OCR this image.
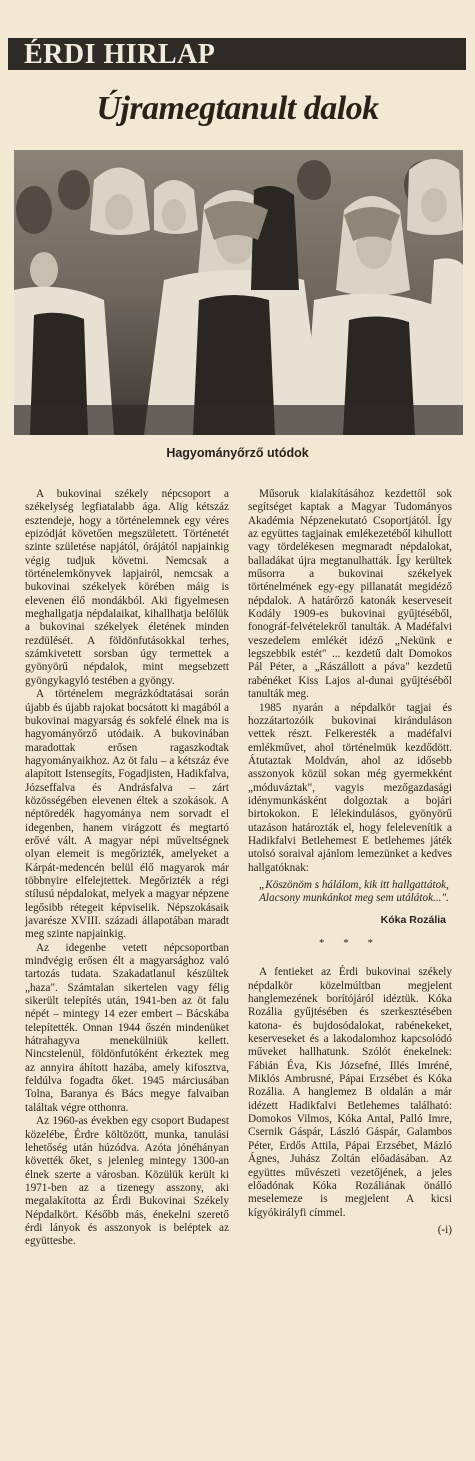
ÉRDI HIRLAP
Újramegtanult dalok
Hagyományőrző utódok

A bukovinai székely népcsoport a székelység legfiatalabb ága. Alig kétszáz esztendeje, hogy a történelemnek egy véres epizódját követően megszületett. Történetét szinte születése napjától, órájától napjainkig végig tudjuk követni. Nemcsak a történelemkönyvek lapjairól, nemcsak a bukovinai székelyek körében máig is elevenen élő mondákból. Aki figyelmesen meghallgatja népdalaikat, kihallhatja belőlük a bukovinai székelyek életének minden rezdülését. A földönfutásokkal terhes, számkivetett sorsban úgy termettek a gyönyörű népdalok, mint megsebzett gyöngykagyló testében a gyöngy.

A történelem megrázkódtatásai során újabb és újabb rajokat bocsátott ki magából a bukovinai magyarság és sokfelé élnek ma is hagyományőrző utódaik. A bukovinában maradottak erősen ragaszkodtak hagyományaikhoz. Az öt falu – a kétszáz éve alapított Istensegíts, Fogadjisten, Hadikfalva, Józseffalva és Andrásfalva – zárt közösségében elevenen éltek a szokások. A néptöredék hagyománya nem sorvadt el idegenben, hanem virágzott és megtartó erővé vált. A magyar népi műveltségnek olyan elemeit is megőrizték, amelyeket a Kárpát-medencén belül élő magyarok már többnyire elfelejtettek. Megőrizték a régi stílusú népdalokat, melyek a magyar népzene legősibb rétegeit képviselik. Népszokásaik javarésze XVIII. századi állapotában maradt meg szinte napjainkig.

Az idegenbe vetett népcsoportban mindvégig erősen élt a magyarsághoz való tartozás tudata. Szakadatlanul készültek „haza". Számtalan sikertelen vagy félig sikerült telepítés után, 1941-ben az öt falu népét – mintegy 14 ezer embert – Bácskába telepítették. Onnan 1944 őszén mindenüket hátrahagyva menekülniük kellett. Nincstelenül, földönfutóként érkeztek meg az annyira áhított hazába, amely kifosztva, feldúlva fogadta őket. 1945 márciusában Tolna, Baranya és Bács megye falvaiban találtak végre otthonra.

Az 1960-as években egy csoport Budapest közelébe, Érdre költözött, munka, tanulási lehetőség után húzódva. Azóta jónéhányan követték őket, s jelenleg mintegy 1300-an élnek szerte a városban. Közülük került ki 1971-ben az a tizenegy asszony, aki megalakította az Érdi Bukovinai Székely Népdalkört. Később más, énekelni szerető érdi lányok és asszonyok is beléptek az együttesbe.

Műsoruk kialakításához kezdettől sok segítséget kaptak a Magyar Tudományos Akadémia Népzenekutató Csoportjától. Így az együttes tagjainak emlékezetéből kihullott vagy tördelékesen megmaradt népdalokat, balladákat újra megtanulhatták. Így kerültek műsorra a bukovinai székelyek történelmének egy-egy pillanatát megidéző népdalok. A határőrző katonák keserveseit Kodály 1909-es bukovinai gyűjtéséből, fonográf-felvételekről tanulták. A Madéfalvi veszedelem emlékét idéző „Nekünk e legszebbik estét" ... kezdetű dalt Domokos Pál Péter, a „Rászállott a páva" kezdetű rabénéket Kiss Lajos al-dunai gyűjtéséből tanulták meg.

1985 nyarán a népdalkör tagjai és hozzátartozóik bukovinai kiránduláson vettek részt. Felkeresték a madéfalvi emlékművet, ahol történelmük kezdődött. Átutaztak Moldván, ahol az idősebb asszonyok közül sokan még gyermekként „móduváztak", vagyis mezőgazdasági idénymunkásként dolgoztak a bojári birtokokon. E lélekindulásos, gyönyörű utazáson határozták el, hogy felelevenítik a Hadikfalvi Betlehemest E betlehemes játék utolsó soraival ajánlom lemezünket a kedves hallgatóknak:

„Köszönöm s hálálom, kik itt hallgattátok, Alacsony munkánkot meg sem utálátok...".

Kóka Rozália
* * *

A fentieket az Érdi bukovinai székely népdalkör közelmúltban megjelent hanglemezének borítójáról idéztük. Kóka Rozália gyűjtésében és szerkesztésében katona- és bujdosódalokat, rabénekeket, keserveseket és a lakodalomhoz kapcsolódó műveket hallhatunk. Szólót énekelnek: Fábián Éva, Kis Józsefné, Illés Imréné, Miklós Ambrusné, Pápai Erzsébet és Kóka Rozália. A hanglemez B oldalán a már idézett Hadikfalvi Betlehemes található: Domokos Vilmos, Kóka Antal, Palló Imre, Csernik Gáspár, László Gáspár, Galambos Péter, Erdős Attila, Pápai Erzsébet, Mázló Ágnes, Juhász Zoltán előadásában. Az együttes művészeti vezetőjének, a jeles előadónak Kóka Rozáliának önálló meselemeze is megjelent A kicsi kígyókirályfi címmel.

(-i)
